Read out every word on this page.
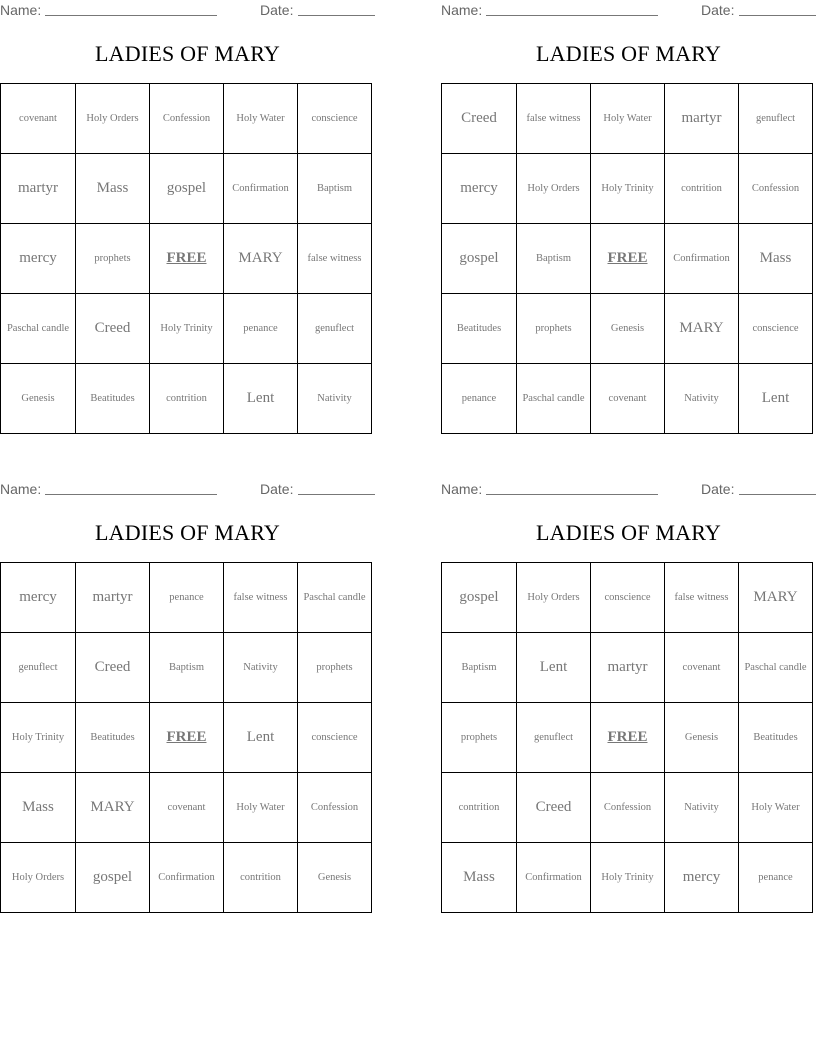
Name:	Date:
LADIES OF MARY
covenant	Holy Orders	Confession	Holy Water	conscience
martyr	Mass	gospel	Confirmation	Baptism
mercy	prophets	FREE	MARY	false witness
Paschal candle	Creed	Holy Trinity	penance	genuflect
Genesis	Beatitudes	contrition	Lent	Nativity
Name:	Date:
LADIES OF MARY
Creed	false witness	Holy Water	martyr	genuflect
mercy	Holy Orders	Holy Trinity	contrition	Confession
gospel	Baptism	FREE	Confirmation	Mass
Beatitudes	prophets	Genesis	MARY	conscience
penance	Paschal candle	covenant	Nativity	Lent
Name:	Date:
LADIES OF MARY
mercy	martyr	penance	false witness	Paschal candle
genuflect	Creed	Baptism	Nativity	prophets
Holy Trinity	Beatitudes	FREE	Lent	conscience
Mass	MARY	covenant	Holy Water	Confession
Holy Orders	gospel	Confirmation	contrition	Genesis
Name:	Date:
LADIES OF MARY
gospel	Holy Orders	conscience	false witness	MARY
Baptism	Lent	martyr	covenant	Paschal candle
prophets	genuflect	FREE	Genesis	Beatitudes
contrition	Creed	Confession	Nativity	Holy Water
Mass	Confirmation	Holy Trinity	mercy	penance
